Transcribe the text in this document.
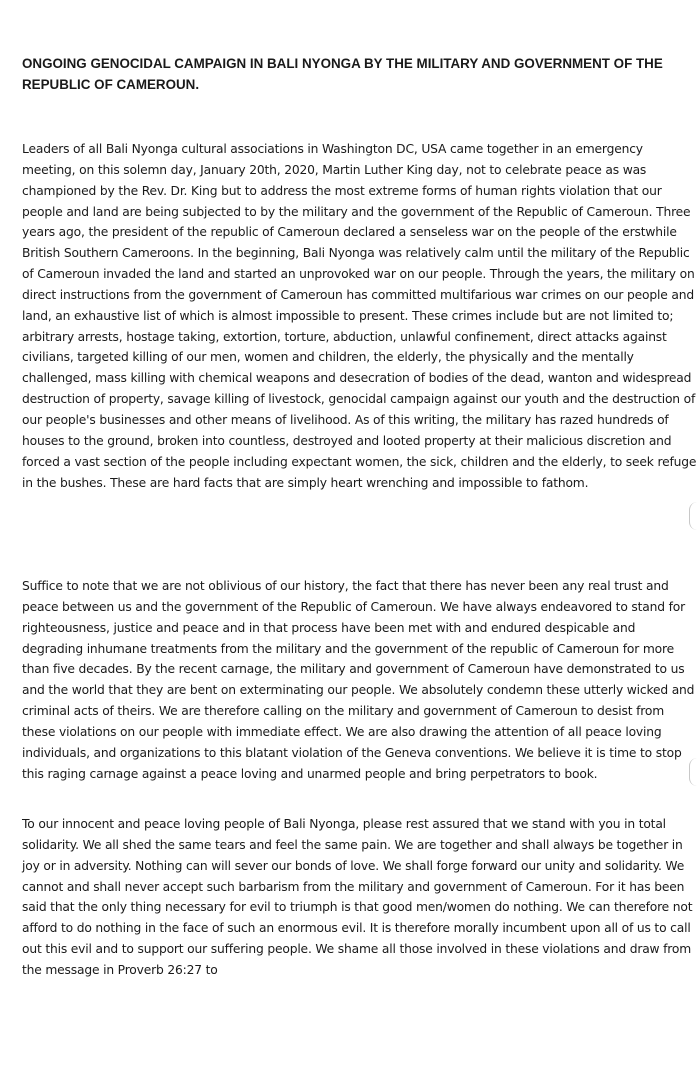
ONGOING GENOCIDAL CAMPAIGN IN BALI NYONGA BY THE MILITARY AND GOVERNMENT OF THE REPUBLIC OF CAMEROUN.

Leaders of all Bali Nyonga cultural associations in Washington DC, USA came together in an emergency meeting, on this solemn day, January 20th, 2020, Martin Luther King day, not to celebrate peace as was championed by the Rev. Dr. King but to address the most extreme forms of human rights violation that our people and land are being subjected to by the military and the government of the Republic of Cameroun. Three years ago, the president of the republic of Cameroun declared a senseless war on the people of the erstwhile British Southern Cameroons. In the beginning, Bali Nyonga was relatively calm until the military of the Republic of Cameroun invaded the land and started an unprovoked war on our people. Through the years, the military on direct instructions from the government of Cameroun has committed multifarious war crimes on our people and land, an exhaustive list of which is almost impossible to present. These crimes include but are not limited to; arbitrary arrests, hostage taking, extortion, torture, abduction, unlawful confinement, direct attacks against civilians, targeted killing of our men, women and children, the elderly, the physically and the mentally challenged, mass killing with chemical weapons and desecration of bodies of the dead, wanton and widespread destruction of property, savage killing of livestock, genocidal campaign against our youth and the destruction of our people's businesses and other means of livelihood. As of this writing, the military has razed hundreds of houses to the ground, broken into countless, destroyed and looted property at their malicious discretion and forced a vast section of the people including expectant women, the sick, children and the elderly, to seek refuge in the bushes. These are hard facts that are simply heart wrenching and impossible to fathom.

Suffice to note that we are not oblivious of our history, the fact that there has never been any real trust and peace between us and the government of the Republic of Cameroun. We have always endeavored to stand for righteousness, justice and peace and in that process have been met with and endured despicable and degrading inhumane treatments from the military and the government of the republic of Cameroun for more than five decades. By the recent carnage, the military and government of Cameroun have demonstrated to us and the world that they are bent on exterminating our people. We absolutely condemn these utterly wicked and criminal acts of theirs. We are therefore calling on the military and government of Cameroun to desist from these violations on our people with immediate effect. We are also drawing the attention of all peace loving individuals, and organizations to this blatant violation of the Geneva conventions. We believe it is time to stop this raging carnage against a peace loving and unarmed people and bring perpetrators to book.

To our innocent and peace loving people of Bali Nyonga, please rest assured that we stand with you in total solidarity. We all shed the same tears and feel the same pain. We are together and shall always be together in joy or in adversity. Nothing can will sever our bonds of love. We shall forge forward our unity and solidarity. We cannot and shall never accept such barbarism from the military and government of Cameroun. For it has been said that the only thing necessary for evil to triumph is that good men/women do nothing. We can therefore not afford to do nothing in the face of such an enormous evil. It is therefore morally incumbent upon all of us to call out this evil and to support our suffering people. We shame all those involved in these violations and draw from the message in Proverb 26:27 to
